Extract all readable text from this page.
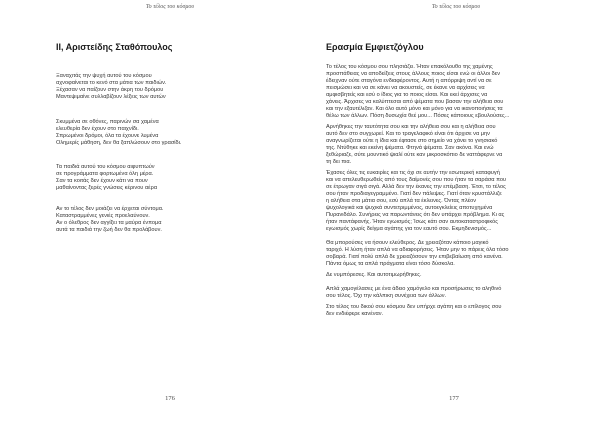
Το τέλος του κόσμου
ΙΙ, Αριστείδης Σταθόπουλος
Ξαναχιτάς την ψυχή αυτού του κόσμου
αχνοφαίνεται το κενό στα μάτια των παιδιών.
Ξέχασαν να παίζουν στην άκρη του δρόμου
Μαντεψιμαίνε συλλαβίζουν λέξεις των αυτών
Σκυμμένα σε οθόνες, παρινών σα χαμένα
ελευθερία δεν έχουν στο παιχνίδι.
Σπρωμένοι δρόμοι, όλα τα έχουνε λυμένα
Ολημερίς μάθηση, δεν θα ξαπλώσουν στο γρασίδι.
Τα παιδιά αυτού του κόσμου αιφυπτωύν
σε προγράμματα φορτωμένα όλη μέρα.
Σαν τα κοιτάς δεν έχουν κάτι να πουν
μαθαίνοντας ξερές γνώσεις κέρινου αέρα
Αν το τέλος δεν μοιάζει να έρχεται σύντομα.
Καταστραμμένες γενιές προελαύνουν.
Αν ο όλεθρος δεν αγγίξει τα μαύρα ένπομα
αυτά τα παιδιά την ζωή δεν θα προλάβουν.
176
Το τέλος του κόσμου
Ερασμία Εμφιετζόγλου
Το τέλος του κόσμου σου πλησιάζει. Ήταν επακόλουθο της χαμένης
προσπάθειας να αποδείξεις στους άλλους ποιος είσαι ενώ οι άλλοι δεν
έδειχναν ούτε σταγόνα ενδιαφέροντος. Αυτή η απόρριψη αντί να σε
πεισμώσει και να σε κάνει να ακουστείς, σε έκανε να αρχίσεις να
αμφισβητείς και εσύ ο ίδιος για το ποιος είσαι. Και εκεί άρχισες να
χάνεις. Άρχισες να καλύπτεσαι από ψέματα που βασαν την αλήθεια σου
και την εξαυτέλιζαν. Και όλο αυτό μόνο και μόνο για να ικανοποιήσεις τα
θέλω των άλλων. Πόση δυσωχία θεέ μου... Πόσες κάποιους εβουλούσες...
Αρνήθηκες την ταυτότητα σου και την αλήθεια σου και η αλήθεια σου
αυτό δεν στο συγχωρεί. Και το τραγελαφικό είναι ότι άρχισε να μην
αναγνωρίζεται ούτε η ίδια και έφτασε στο σημείο να χάνει το γνησιακό
της. Ντύθηκε και εκείνη ψέματα. Φτηνά ψέματα. Σαν ακόνα. Και ενώ
ξεθώριαζε, σύτε μουντικό ψιαλί ούτε καν μικροσκόπιο δε ναττάφερνε να
τη δει πια.
Έχασες όλες τις ευκαιρίες και τις όχι σε αυτήν την εσωτερική καταφυγή
και να απελευθερωθείς από τους δαίμονές σου που ήταν τα σαράσα που
σε έτρωγαν σιγά σιγά. Αλλά δεν την έκανες την επέμβαση. Έτσι, το τέλος
σου ήταν προδιαγεγραμμένο. Γιατί δεν πάλεψες. Γιατί όταν κρυστάλλιζε
η αλήθεια στα μάτια σου, εσύ απλά τα έκλεινες. Όντας πλέον
ψυχολογικά και ψυχικά συντετριμμένος, αυτοεγκλείεις αποτυχημένα
Πυρανιδάλο. Συνήρεις να παρωντάνεις ότι δεν υπάρχει πρόβλημα. Κι ας
ήταν παντάφανής. Ήταν εγωισμός; Ίσως κάτι σαν αυτοκαταστροφικός
εγωισμός χωρίς δείγμα αγάπης για τον εαυτό σου. Εκμηδενισμός...
Θα μπορούσες να ήσουν ελεύθερος. Δε χρειαζόταν κάποιο μαγικό
ταριχό. Η λύση ήταν απλά να αδιαφορήσεις. Ήταν μην το πάρεις όλα τόσο
σοβαρά. Γιατί πολύ απλά δε χρειαζόσουν την επιβεβαίωση από κανένα.
Πάντα όμως τα απλά πράγματα είναι τόσο δύσκολα.
Δε νυμπόρεσες. Και αυτοτιμωρήθηκες.
Απλά χαμογέλασες με ένα άδειο χαμόγελο και προσήρωσες το αληθινό
σου τέλος. Όχι την κάλπικη συνέχεια των άλλων.
Στο τέλος του δικού σου κόσμου δεν υπήρχε αγάπη και ο επίλογος σου
δεν ενδιέφερε κανέναν.
177
